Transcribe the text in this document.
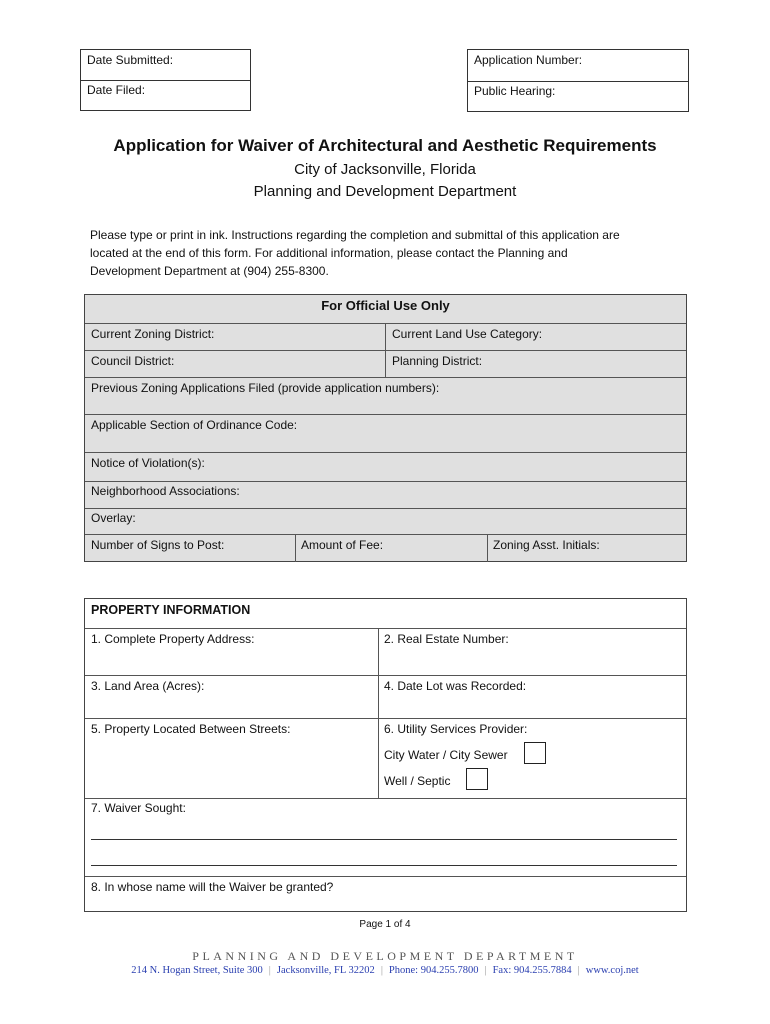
Date Submitted:
Date Filed:
Application Number:
Public Hearing:
Application for Waiver of Architectural and Aesthetic Requirements
City of Jacksonville, Florida
Planning and Development Department
Please type or print in ink. Instructions regarding the completion and submittal of this application are
located at the end of this form. For additional information, please contact the Planning and
Development Department at (904) 255-8300.
For Official Use Only
Current Zoning District:	Current Land Use Category:
Council District:	Planning District:
Previous Zoning Applications Filed (provide application numbers):
Applicable Section of Ordinance Code:
Notice of Violation(s):
Neighborhood Associations:
Overlay:
Number of Signs to Post:	Amount of Fee:	Zoning Asst. Initials:
PROPERTY INFORMATION
1. Complete Property Address:	2. Real Estate Number:
3. Land Area (Acres):	4. Date Lot was Recorded:
5. Property Located Between Streets:	6. Utility Services Provider:
City Water / City Sewer
Well / Septic
7. Waiver Sought:
8. In whose name will the Waiver be granted?
Page 1 of 4
PLANNING AND DEVELOPMENT DEPARTMENT
214 N. Hogan Street, Suite 300 | Jacksonville, FL 32202 | Phone: 904.255.7800 | Fax: 904.255.7884 | www.coj.net
